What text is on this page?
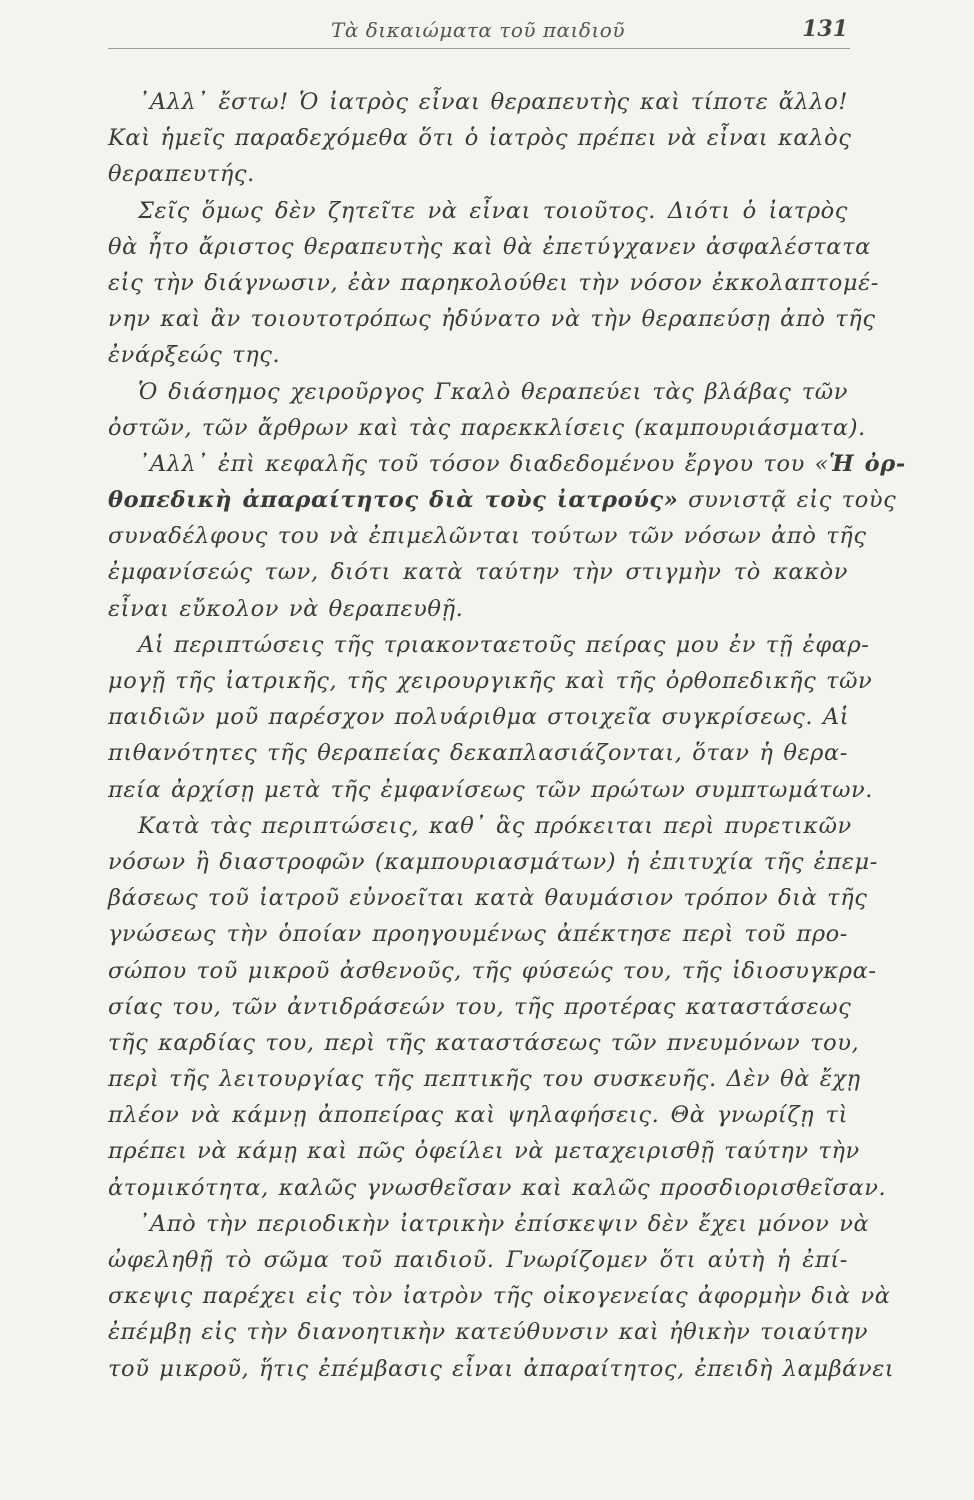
Τὰ δικαιώματα τοῦ παιδιοῦ	131
᾿Αλλ᾿ ἔστω! Ὁ ἰατρὸς εἶναι θεραπευτὴς καὶ τίποτε ἄλλο!
Καὶ ἡμεῖς παραδεχόμεθα ὅτι ὁ ἰατρὸς πρέπει νὰ εἶναι καλὸς
θεραπευτής.
Σεῖς ὅμως δὲν ζητεῖτε νὰ εἶναι τοιοῦτος. Διότι ὁ ἰατρὸς
θὰ ἦτο ἄριστος θεραπευτὴς καὶ θὰ ἐπετύγχανεν ἀσφαλέστατα
εἰς τὴν διάγνωσιν, ἐὰν παρηκολούθει τὴν νόσον ἐκκολαπτομέ-
νην καὶ ἂν τοιουτοτρόπως ἠδύνατο νὰ τὴν θεραπεύσῃ ἀπὸ τῆς
ἐνάρξεώς της.
Ὁ διάσημος χειροῦργος Γκαλὸ θεραπεύει τὰς βλάβας τῶν
ὀστῶν, τῶν ἄρθρων καὶ τὰς παρεκκλίσεις (καμπουριάσματα).
᾿Αλλ᾿ ἐπὶ κεφαλῆς τοῦ τόσον διαδεδομένου ἔργου του «Ἡ ὀρ-
θοπεδικὴ ἀπαραίτητος διὰ τοὺς ἰατρούς» συνιστᾷ εἰς τοὺς
συναδέλφους του νὰ ἐπιμελῶνται τούτων τῶν νόσων ἀπὸ τῆς
ἐμφανίσεώς των, διότι κατὰ ταύτην τὴν στιγμὴν τὸ κακὸν
εἶναι εὔκολον νὰ θεραπευθῇ.
Αἱ περιπτώσεις τῆς τριακονταετοῦς πείρας μου ἐν τῇ ἐφαρ-
μογῇ τῆς ἰατρικῆς, τῆς χειρουργικῆς καὶ τῆς ὀρθοπεδικῆς τῶν
παιδιῶν μοῦ παρέσχον πολυάριθμα στοιχεῖα συγκρίσεως. Αἱ
πιθανότητες τῆς θεραπείας δεκαπλασιάζονται, ὅταν ἡ θερα-
πεία ἀρχίσῃ μετὰ τῆς ἐμφανίσεως τῶν πρώτων συμπτωμάτων.
Κατὰ τὰς περιπτώσεις, καθ᾿ ἃς πρόκειται περὶ πυρετικῶν
νόσων ἢ διαστροφῶν (καμπουριασμάτων) ἡ ἐπιτυχία τῆς ἐπεμ-
βάσεως τοῦ ἰατροῦ εὐνοεῖται κατὰ θαυμάσιον τρόπον διὰ τῆς
γνώσεως τὴν ὁποίαν προηγουμένως ἀπέκτησε περὶ τοῦ προ-
σώπου τοῦ μικροῦ ἀσθενοῦς, τῆς φύσεώς του, τῆς ἰδιοσυγκρα-
σίας του, τῶν ἀντιδράσεών του, τῆς προτέρας καταστάσεως
τῆς καρδίας του, περὶ τῆς καταστάσεως τῶν πνευμόνων του,
περὶ τῆς λειτουργίας τῆς πεπτικῆς του συσκευῆς. Δὲν θὰ ἔχῃ
πλέον νὰ κάμνῃ ἀποπείρας καὶ ψηλαφήσεις. Θὰ γνωρίζῃ τὶ
πρέπει νὰ κάμῃ καὶ πῶς ὀφείλει νὰ μεταχειρισθῇ ταύτην τὴν
ἀτομικότητα, καλῶς γνωσθεῖσαν καὶ καλῶς προσδιορισθεῖσαν.
᾿Απὸ τὴν περιοδικὴν ἰατρικὴν ἐπίσκεψιν δὲν ἔχει μόνον νὰ
ὠφεληθῇ τὸ σῶμα τοῦ παιδιοῦ. Γνωρίζομεν ὅτι αὐτὴ ἡ ἐπί-
σκεψις παρέχει εἰς τὸν ἰατρὸν τῆς οἰκογενείας ἀφορμὴν διὰ νὰ
ἐπέμβῃ εἰς τὴν διανοητικὴν κατεύθυνσιν καὶ ἠθικὴν τοιαύτην
τοῦ μικροῦ, ἥτις ἐπέμβασις εἶναι ἀπαραίτητος, ἐπειδὴ λαμβάνει
